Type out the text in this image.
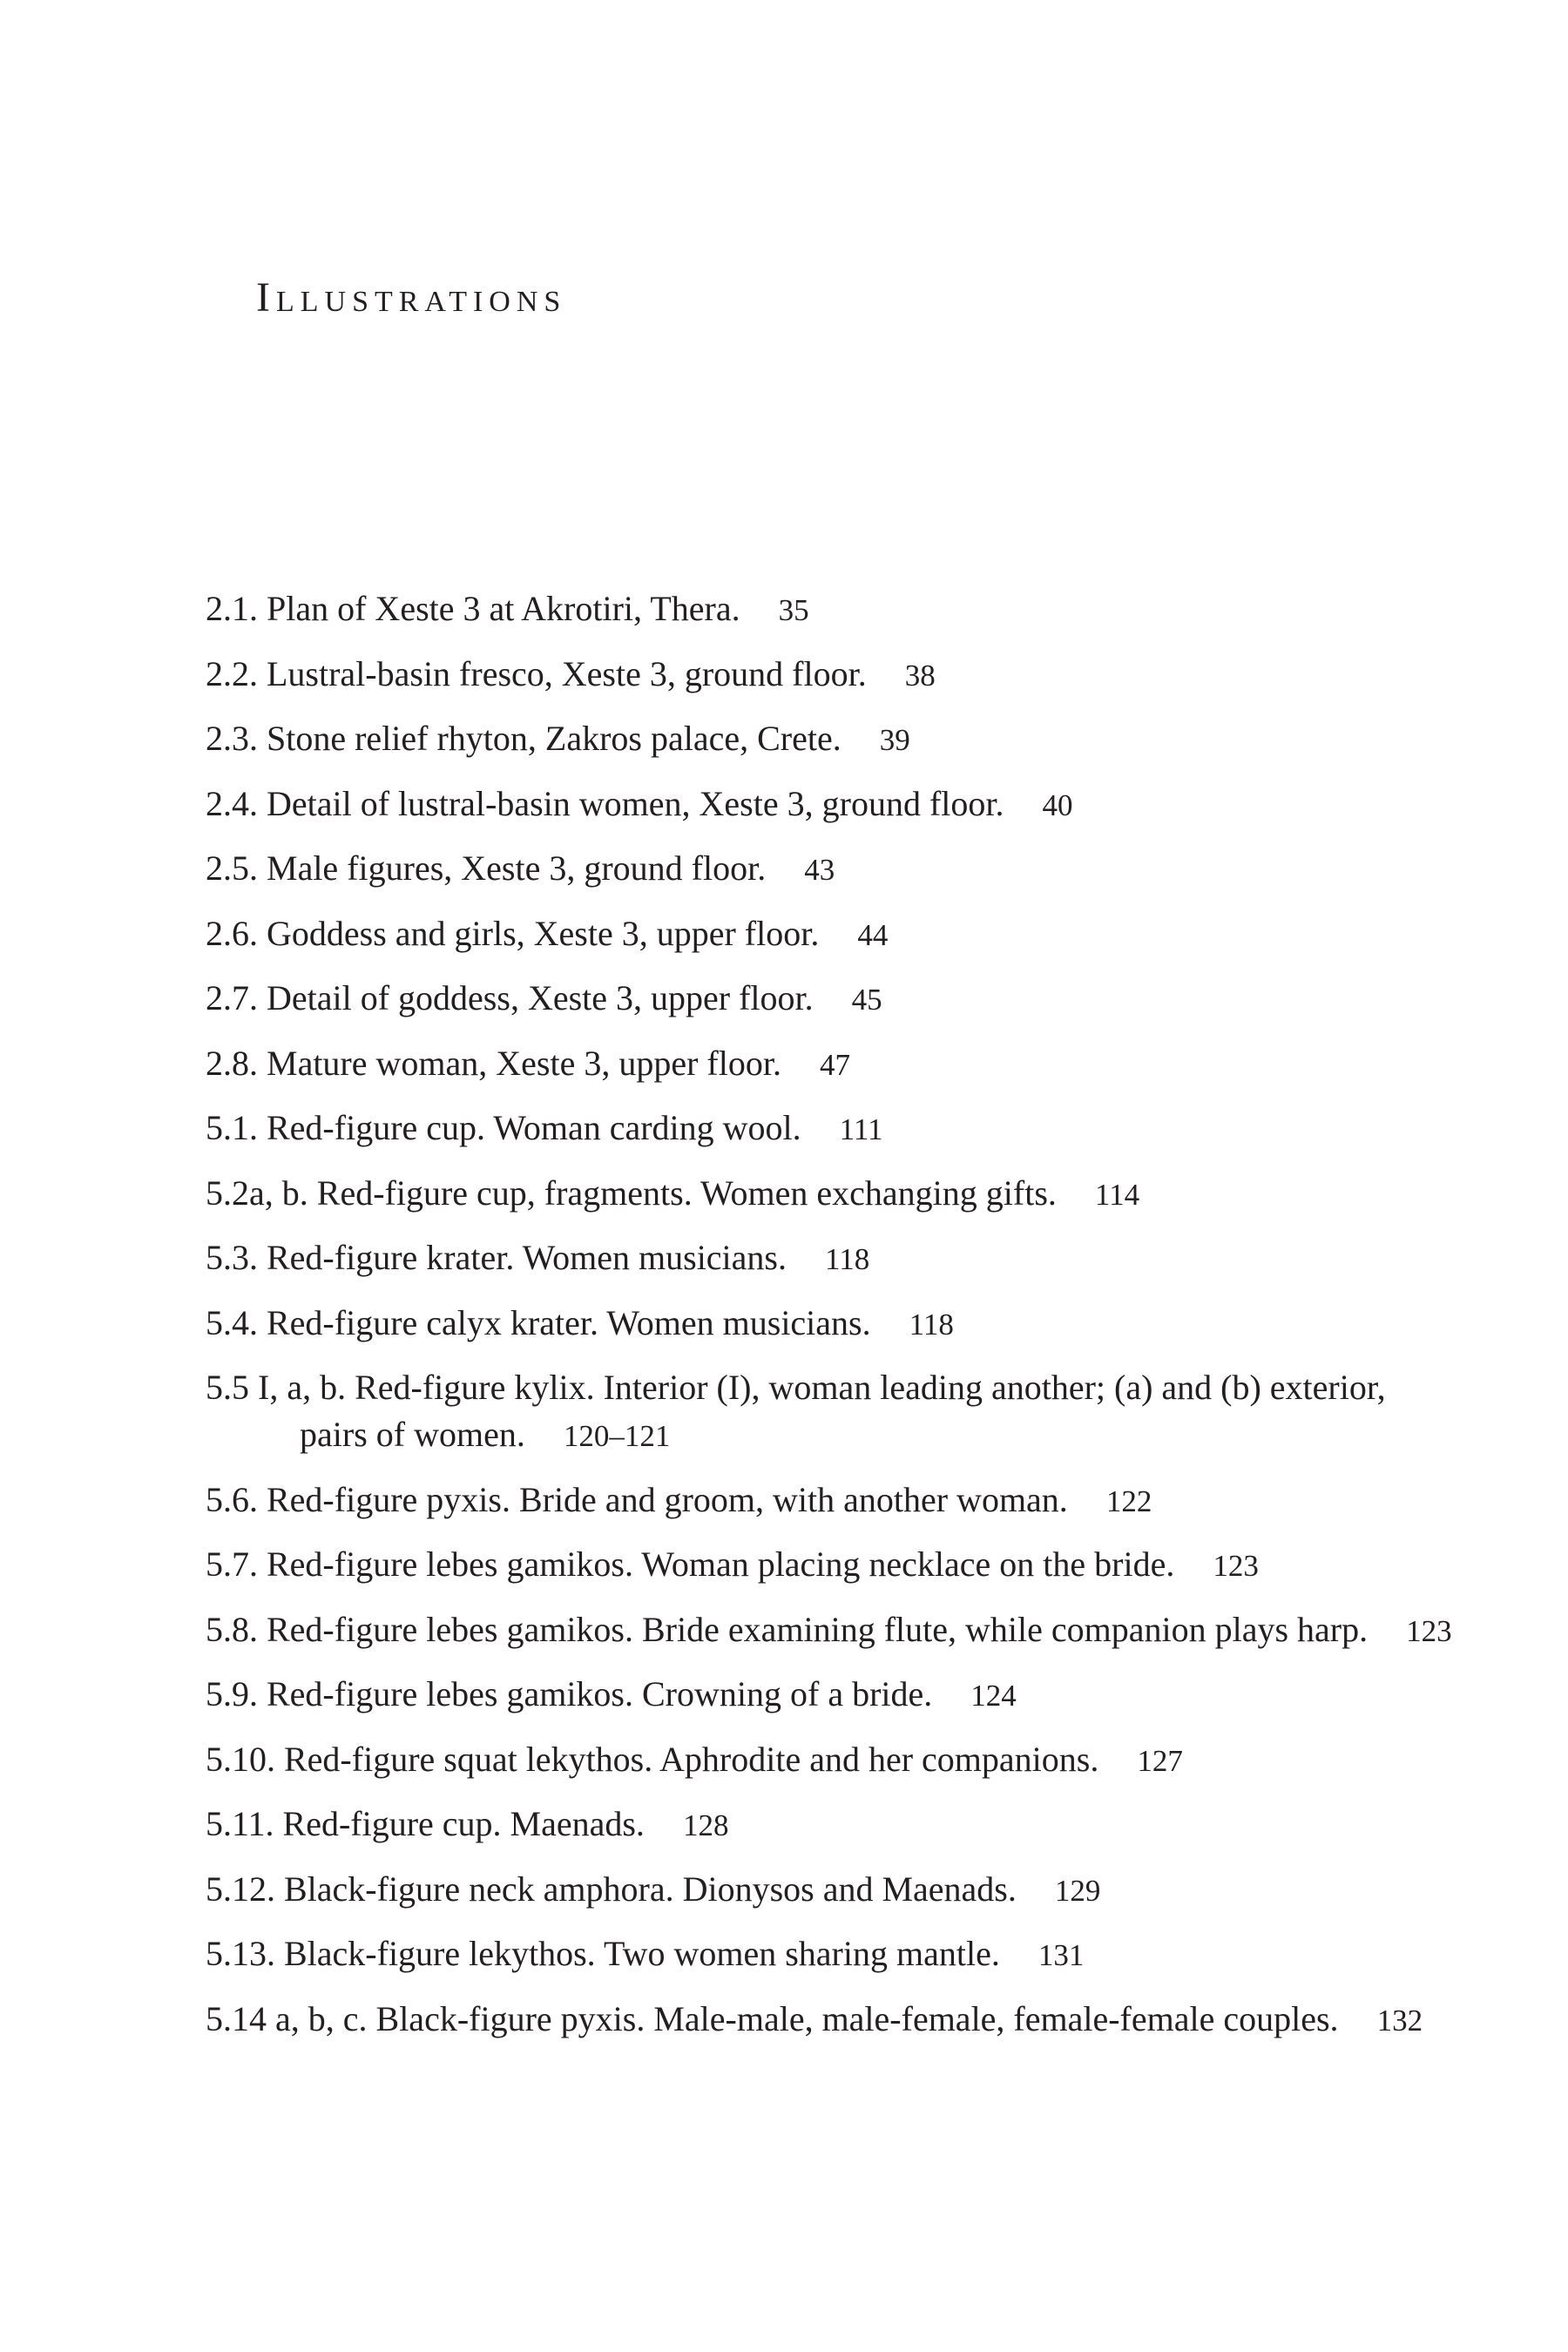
Illustrations
2.1. Plan of Xeste 3 at Akrotiri, Thera. 35
2.2. Lustral-basin fresco, Xeste 3, ground floor. 38
2.3. Stone relief rhyton, Zakros palace, Crete. 39
2.4. Detail of lustral-basin women, Xeste 3, ground floor. 40
2.5. Male figures, Xeste 3, ground floor. 43
2.6. Goddess and girls, Xeste 3, upper floor. 44
2.7. Detail of goddess, Xeste 3, upper floor. 45
2.8. Mature woman, Xeste 3, upper floor. 47
5.1. Red-figure cup. Woman carding wool. 111
5.2a, b. Red-figure cup, fragments. Women exchanging gifts. 114
5.3. Red-figure krater. Women musicians. 118
5.4. Red-figure calyx krater. Women musicians. 118
5.5 I, a, b. Red-figure kylix. Interior (I), woman leading another; (a) and (b) exterior, pairs of women. 120–121
5.6. Red-figure pyxis. Bride and groom, with another woman. 122
5.7. Red-figure lebes gamikos. Woman placing necklace on the bride. 123
5.8. Red-figure lebes gamikos. Bride examining flute, while companion plays harp. 123
5.9. Red-figure lebes gamikos. Crowning of a bride. 124
5.10. Red-figure squat lekythos. Aphrodite and her companions. 127
5.11. Red-figure cup. Maenads. 128
5.12. Black-figure neck amphora. Dionysos and Maenads. 129
5.13. Black-figure lekythos. Two women sharing mantle. 131
5.14 a, b, c. Black-figure pyxis. Male-male, male-female, female-female couples. 132
